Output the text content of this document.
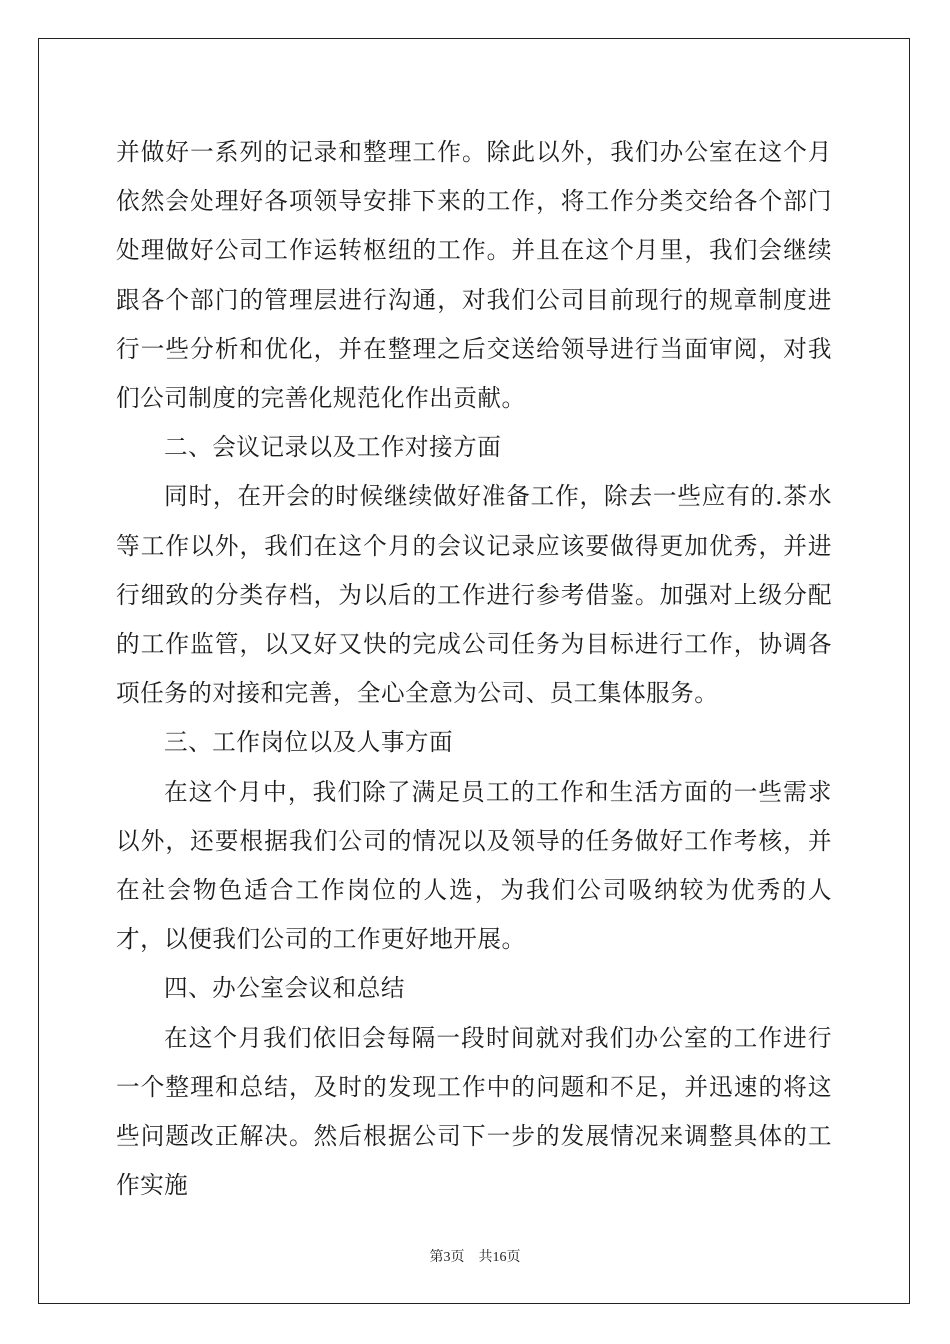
并做好一系列的记录和整理工作。除此以外，我们办公室在这个月依然会处理好各项领导安排下来的工作，将工作分类交给各个部门处理做好公司工作运转枢纽的工作。并且在这个月里，我们会继续跟各个部门的管理层进行沟通，对我们公司目前现行的规章制度进行一些分析和优化，并在整理之后交送给领导进行当面审阅，对我们公司制度的完善化规范化作出贡献。

二、会议记录以及工作对接方面

同时，在开会的时候继续做好准备工作，除去一些应有的.茶水等工作以外，我们在这个月的会议记录应该要做得更加优秀，并进行细致的分类存档，为以后的工作进行参考借鉴。加强对上级分配的工作监管，以又好又快的完成公司任务为目标进行工作，协调各项任务的对接和完善，全心全意为公司、员工集体服务。

三、工作岗位以及人事方面

在这个月中，我们除了满足员工的工作和生活方面的一些需求以外，还要根据我们公司的情况以及领导的任务做好工作考核，并在社会物色适合工作岗位的人选，为我们公司吸纳较为优秀的人才，以便我们公司的工作更好地开展。

四、办公室会议和总结

在这个月我们依旧会每隔一段时间就对我们办公室的工作进行一个整理和总结，及时的发现工作中的问题和不足，并迅速的将这些问题改正解决。然后根据公司下一步的发展情况来调整具体的工作实施

第3页 共16页
